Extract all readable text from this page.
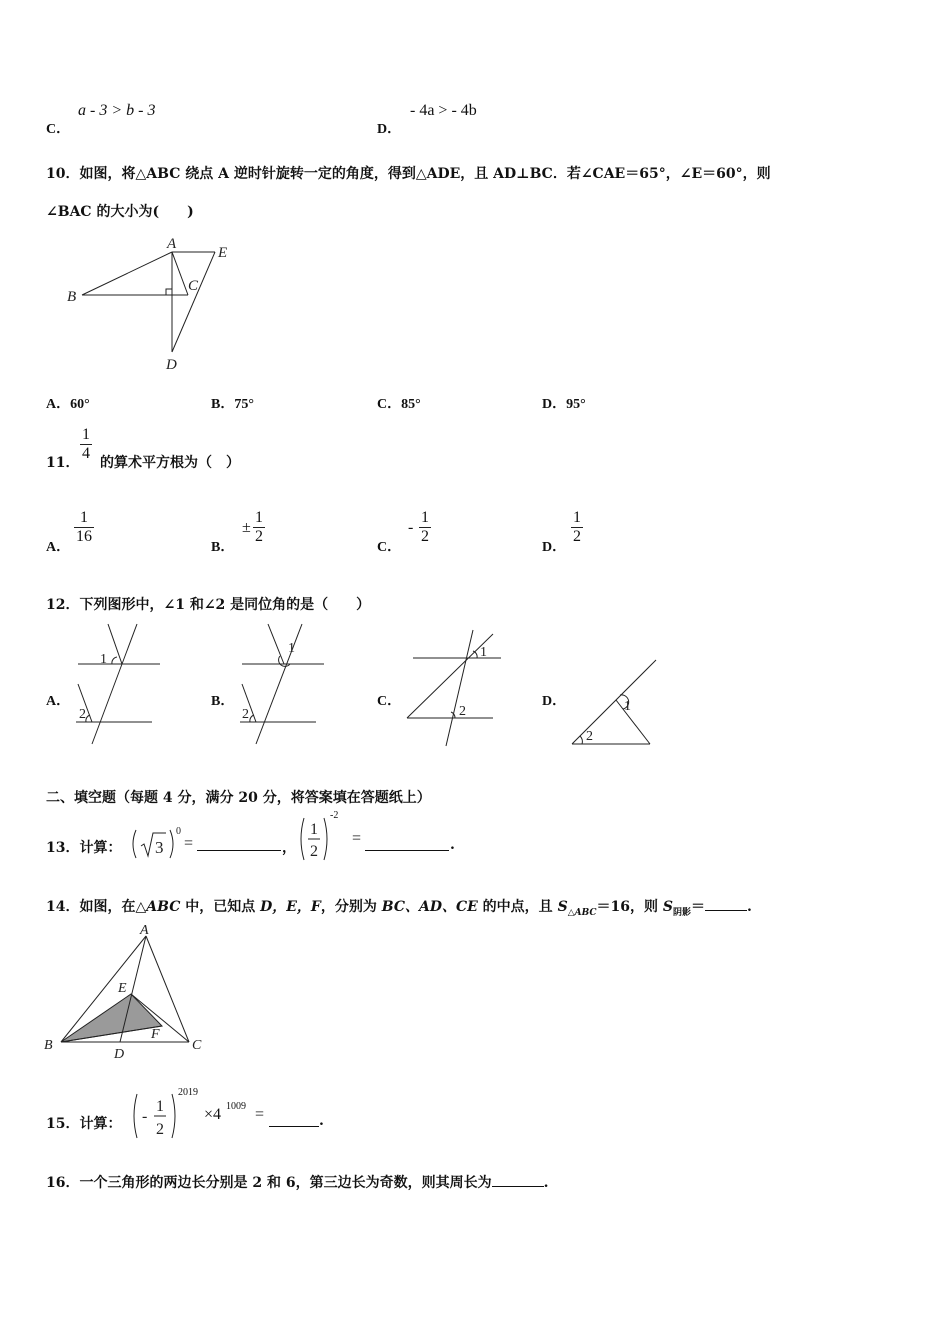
C．
a - 3 > b - 3
D．
- 4a > - 4b
10．如图，将△ABC 绕点 A 逆时针旋转一定的角度，得到△ADE，且 AD⊥BC．若∠CAE＝65°，∠E＝60°，则
∠BAC 的大小为(　　)
A
B
C
D
E
A．60°	B．75°	C．85°	D．95°
11．
1
4
的算术平方根为（　）
A．
1
16
B．
±
1
2
C．
-
1
2
D．
1
2
12．下列图形中，∠1 和∠2 是同位角的是（　　）
A．
1
2
B．
1
2
C．
1
2
D．	1
2
二、填空题（每题 4 分，满分 20 分，将答案填在答题纸上）
13．计算： 3
0
=	，
1
2
-2
=	.
14．如图，在△ABC 中，已知点 D，E，F，分别为 BC、AD、CE 的中点，且 $S_{\triangle ABC}=16$，则 $S_{阴影}=$	.
A
B	C
D
E
F
15．计算： -
1
2
2019
×4 1009 =	.
16．一个三角形的两边长分别是 2 和 6，第三边长为奇数，则其周长为	.
